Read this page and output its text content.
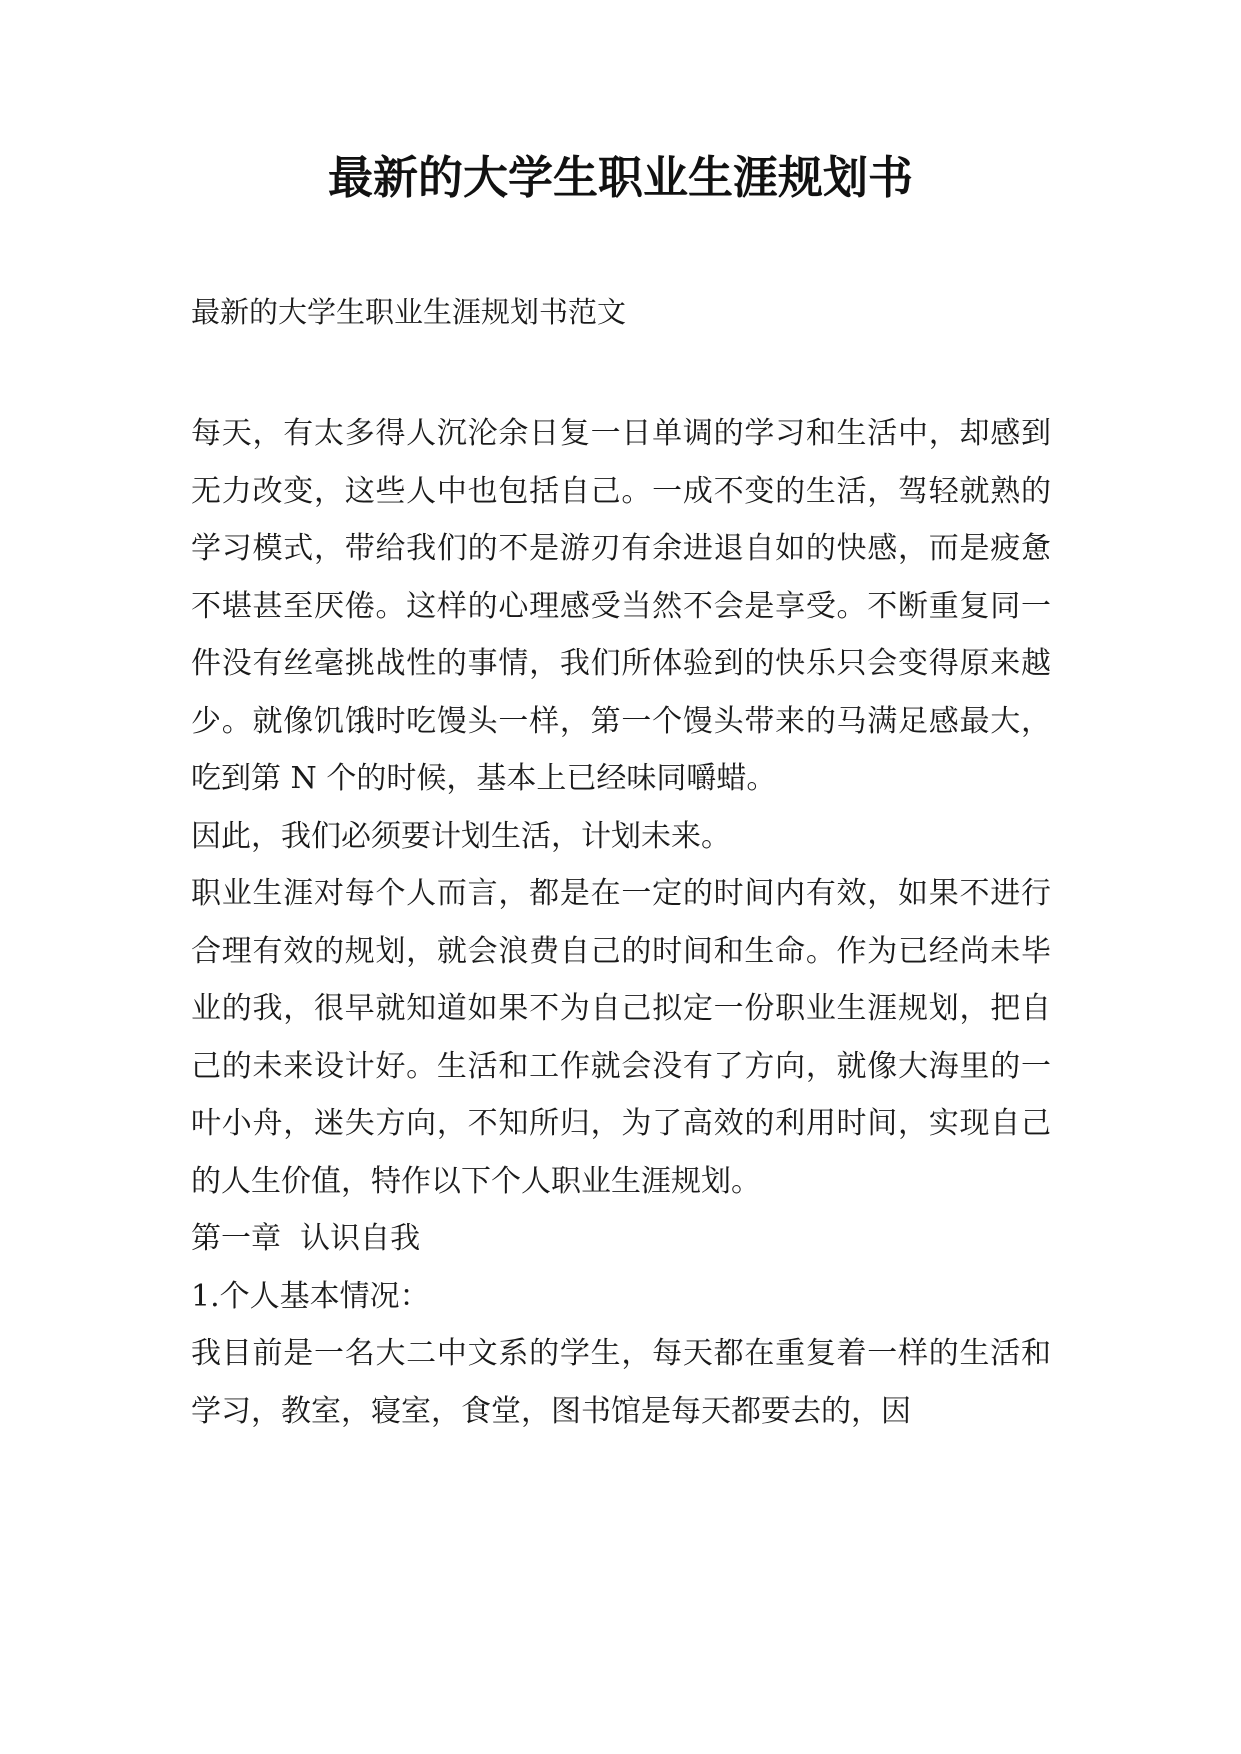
最新的大学生职业生涯规划书

最新的大学生职业生涯规划书范文

每天，有太多得人沉沦余日复一日单调的学习和生活中，却感到无力改变，这些人中也包括自己。一成不变的生活，驾轻就熟的学习模式，带给我们的不是游刃有余进退自如的快感，而是疲惫不堪甚至厌倦。这样的心理感受当然不会是享受。不断重复同一件没有丝毫挑战性的事情，我们所体验到的快乐只会变得原来越少。就像饥饿时吃馒头一样，第一个馒头带来的马满足感最大，吃到第 N 个的时候，基本上已经味同嚼蜡。

因此，我们必须要计划生活，计划未来。

职业生涯对每个人而言，都是在一定的时间内有效，如果不进行合理有效的规划，就会浪费自己的时间和生命。作为已经尚未毕业的我，很早就知道如果不为自己拟定一份职业生涯规划，把自己的未来设计好。生活和工作就会没有了方向，就像大海里的一叶小舟，迷失方向，不知所归，为了高效的利用时间，实现自己的人生价值，特作以下个人职业生涯规划。

第一章  认识自我

1.个人基本情况：

我目前是一名大二中文系的学生，每天都在重复着一样的生活和学习，教室，寝室，食堂，图书馆是每天都要去的，因
